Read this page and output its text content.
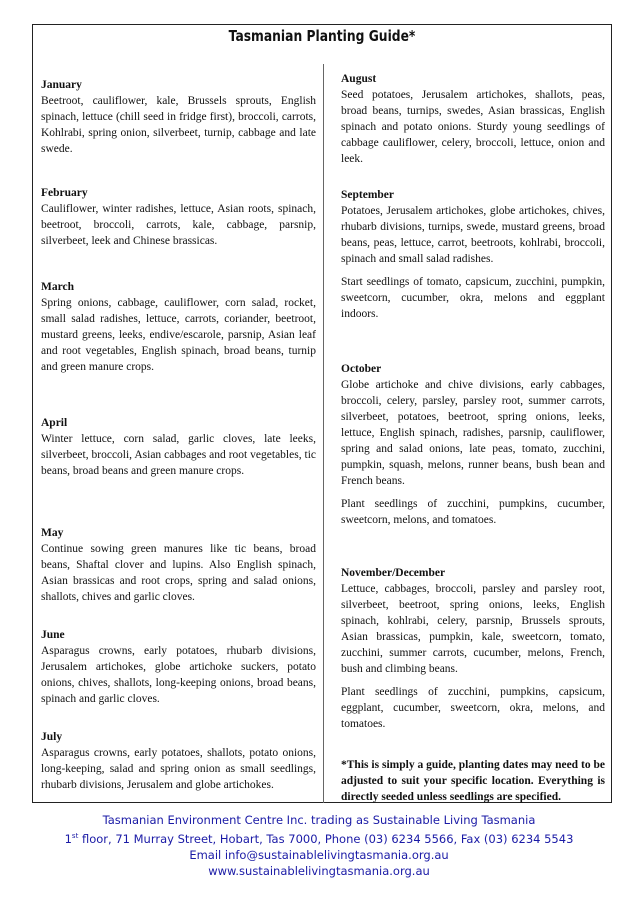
Tasmanian Planting Guide*
January

Beetroot, cauliflower, kale, Brussels sprouts, English spinach, lettuce (chill seed in fridge first), broccoli, carrots, Kohlrabi, spring onion, silverbeet, turnip, cabbage and late swede.

February

Cauliflower, winter radishes, lettuce, Asian roots, spinach, beetroot, broccoli, carrots, kale, cabbage, parsnip, silverbeet, leek and Chinese brassicas.

March

Spring onions, cabbage, cauliflower, corn salad, rocket, small salad radishes, lettuce, carrots, coriander, beetroot, mustard greens, leeks, endive/escarole, parsnip, Asian leaf and root vegetables, English spinach, broad beans, turnip and green manure crops.

April

Winter lettuce, corn salad, garlic cloves, late leeks, silverbeet, broccoli, Asian cabbages and root vegetables, tic beans, broad beans and green manure crops.

May

Continue sowing green manures like tic beans, broad beans, Shaftal clover and lupins. Also English spinach, Asian brassicas and root crops, spring and salad onions, shallots, chives and garlic cloves.

June

Asparagus crowns, early potatoes, rhubarb divisions, Jerusalem artichokes, globe artichoke suckers, potato onions, chives, shallots, long-keeping onions, broad beans, spinach and garlic cloves.

July

Asparagus crowns, early potatoes, shallots, potato onions, long-keeping, salad and spring onion as small seedlings, rhubarb divisions, Jerusalem and globe artichokes.

August

Seed potatoes, Jerusalem artichokes, shallots, peas, broad beans, turnips, swedes, Asian brassicas, English spinach and potato onions. Sturdy young seedlings of cabbage cauliflower, celery, broccoli, lettuce, onion and leek.

September

Potatoes, Jerusalem artichokes, globe artichokes, chives, rhubarb divisions, turnips, swede, mustard greens, broad beans, peas, lettuce, carrot, beetroots, kohlrabi, broccoli, spinach and small salad radishes.

Start seedlings of tomato, capsicum, zucchini, pumpkin, sweetcorn, cucumber, okra, melons and eggplant indoors.

October

Globe artichoke and chive divisions, early cabbages, broccoli, celery, parsley, parsley root, summer carrots, silverbeet, potatoes, beetroot, spring onions, leeks, lettuce, English spinach, radishes, parsnip, cauliflower, spring and salad onions, late peas, tomato, zucchini, pumpkin, squash, melons, runner beans, bush bean and French beans.

Plant seedlings of zucchini, pumpkins, cucumber, sweetcorn, melons, and tomatoes.

November/December

Lettuce, cabbages, broccoli, parsley and parsley root, silverbeet, beetroot, spring onions, leeks, English spinach, kohlrabi, celery, parsnip, Brussels sprouts, Asian brassicas, pumpkin, kale, sweetcorn, tomato, zucchini, summer carrots, cucumber, melons, French, bush and climbing beans.

Plant seedlings of zucchini, pumpkins, capsicum, eggplant, cucumber, sweetcorn, okra, melons, and tomatoes.

*This is simply a guide, planting dates may need to be adjusted to suit your specific location. Everything is directly seeded unless seedlings are specified.

Tasmanian Environment Centre Inc. trading as Sustainable Living Tasmania
1st floor, 71 Murray Street, Hobart, Tas 7000, Phone (03) 6234 5566, Fax (03) 6234 5543
Email info@sustainablelivingtasmania.org.au
www.sustainablelivingtasmania.org.au
